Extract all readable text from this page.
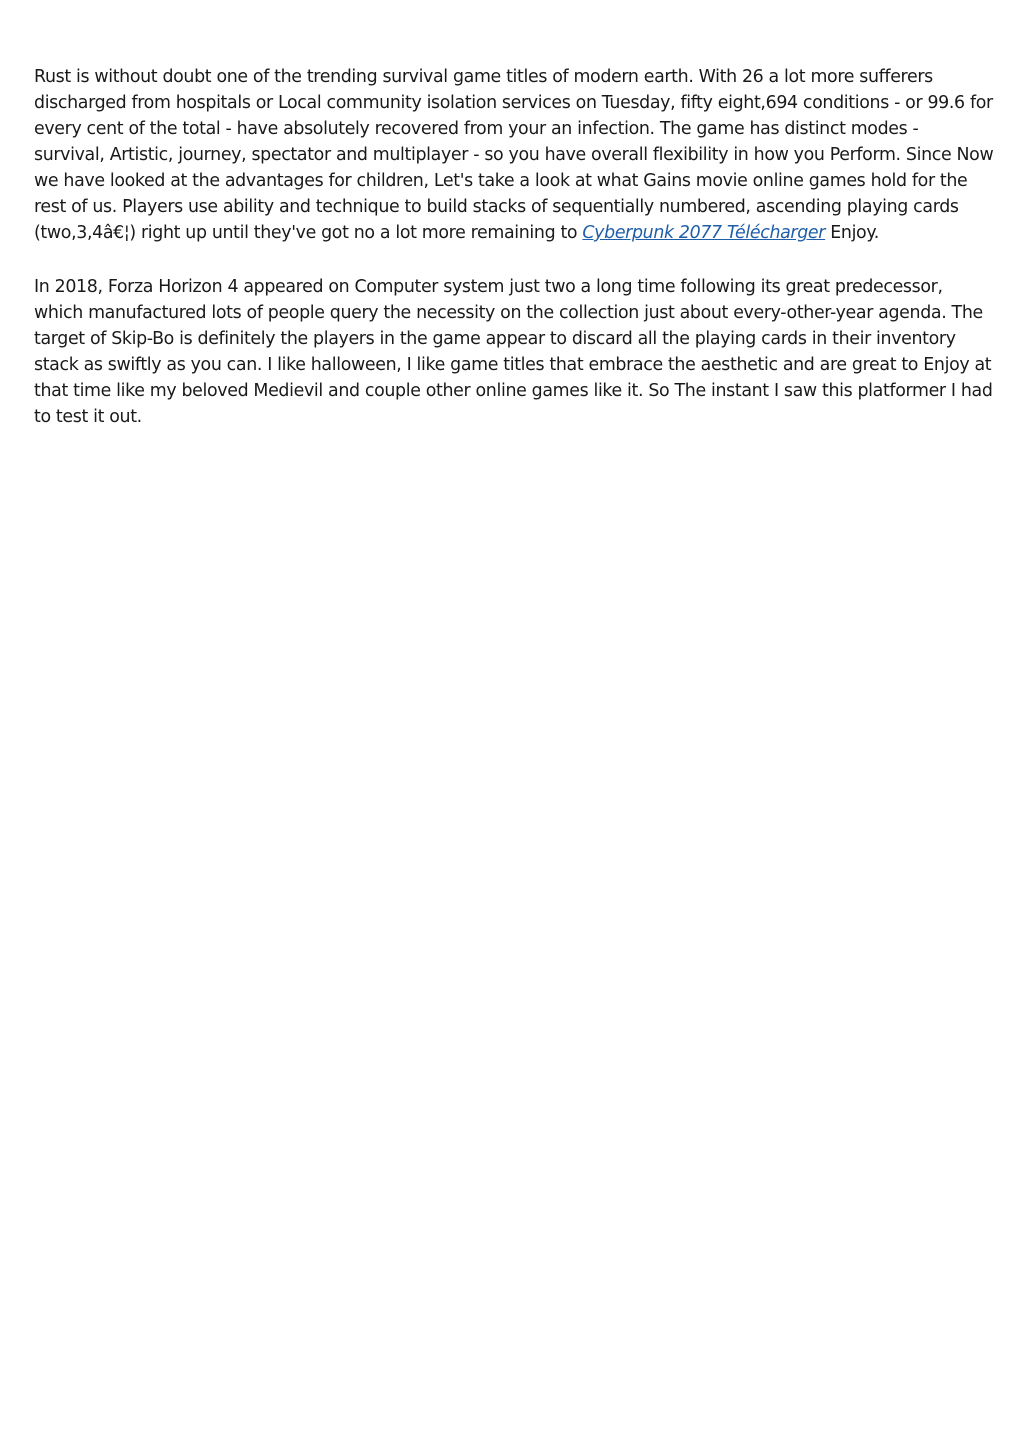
Rust is without doubt one of the trending survival game titles of modern earth. With 26 a lot more sufferers discharged from hospitals or Local community isolation services on Tuesday, fifty eight,694 conditions - or 99.6 for every cent of the total - have absolutely recovered from your an infection. The game has distinct modes - survival, Artistic, journey, spectator and multiplayer - so you have overall flexibility in how you Perform. Since Now we have looked at the advantages for children, Let's take a look at what Gains movie online games hold for the rest of us. Players use ability and technique to build stacks of sequentially numbered, ascending playing cards (two,3,4â€¦) right up until they've got no a lot more remaining to Cyberpunk 2077 Télécharger Enjoy.

In 2018, Forza Horizon 4 appeared on Computer system just two a long time following its great predecessor, which manufactured lots of people query the necessity on the collection just about every-other-year agenda. The target of Skip-Bo is definitely the players in the game appear to discard all the playing cards in their inventory stack as swiftly as you can. I like halloween, I like game titles that embrace the aesthetic and are great to Enjoy at that time like my beloved Medievil and couple other online games like it. So The instant I saw this platformer I had to test it out.
